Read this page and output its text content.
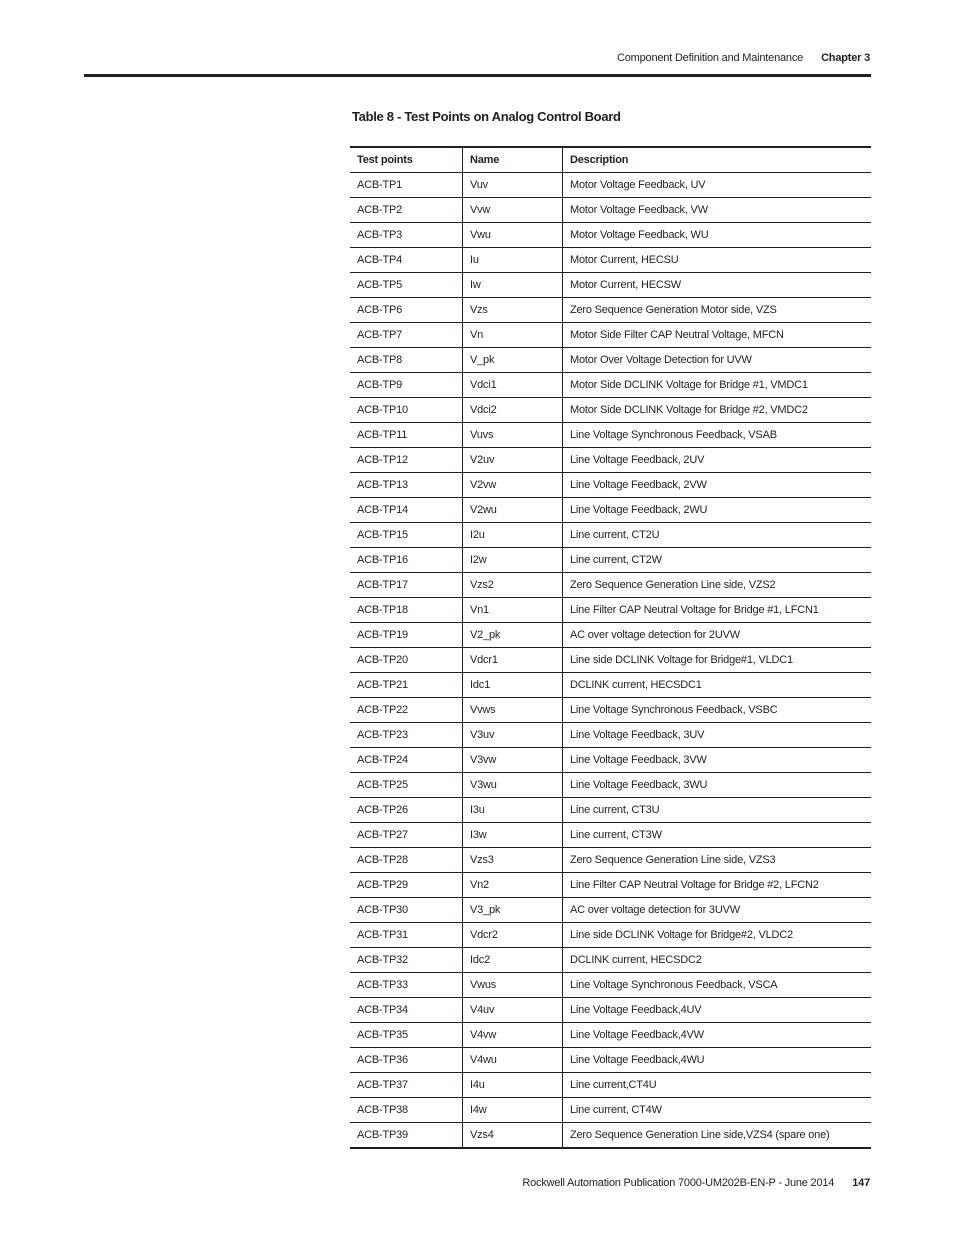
Component Definition and Maintenance Chapter 3
Table 8 - Test Points on Analog Control Board
Test points	Name	Description
ACB-TP1	Vuv	Motor Voltage Feedback, UV
ACB-TP2	Vvw	Motor Voltage Feedback, VW
ACB-TP3	Vwu	Motor Voltage Feedback, WU
ACB-TP4	Iu	Motor Current, HECSU
ACB-TP5	Iw	Motor Current, HECSW
ACB-TP6	Vzs	Zero Sequence Generation Motor side, VZS
ACB-TP7	Vn	Motor Side Filter CAP Neutral Voltage, MFCN
ACB-TP8	V_pk	Motor Over Voltage Detection for UVW
ACB-TP9	Vdci1	Motor Side DCLINK Voltage for Bridge #1, VMDC1
ACB-TP10	Vdci2	Motor Side DCLINK Voltage for Bridge #2, VMDC2
ACB-TP11	Vuvs	Line Voltage Synchronous Feedback, VSAB
ACB-TP12	V2uv	Line Voltage Feedback, 2UV
ACB-TP13	V2vw	Line Voltage Feedback, 2VW
ACB-TP14	V2wu	Line Voltage Feedback, 2WU
ACB-TP15	I2u	Line current, CT2U
ACB-TP16	I2w	Line current, CT2W
ACB-TP17	Vzs2	Zero Sequence Generation Line side, VZS2
ACB-TP18	Vn1	Line Filter CAP Neutral Voltage for Bridge #1, LFCN1
ACB-TP19	V2_pk	AC over voltage detection for 2UVW
ACB-TP20	Vdcr1	Line side DCLINK Voltage for Bridge#1, VLDC1
ACB-TP21	Idc1	DCLINK current, HECSDC1
ACB-TP22	Vvws	Line Voltage Synchronous Feedback, VSBC
ACB-TP23	V3uv	Line Voltage Feedback, 3UV
ACB-TP24	V3vw	Line Voltage Feedback, 3VW
ACB-TP25	V3wu	Line Voltage Feedback, 3WU
ACB-TP26	I3u	Line current, CT3U
ACB-TP27	I3w	Line current, CT3W
ACB-TP28	Vzs3	Zero Sequence Generation Line side, VZS3
ACB-TP29	Vn2	Line Filter CAP Neutral Voltage for Bridge #2, LFCN2
ACB-TP30	V3_pk	AC over voltage detection for 3UVW
ACB-TP31	Vdcr2	Line side DCLINK Voltage for Bridge#2, VLDC2
ACB-TP32	Idc2	DCLINK current, HECSDC2
ACB-TP33	Vwus	Line Voltage Synchronous Feedback, VSCA
ACB-TP34	V4uv	Line Voltage Feedback,4UV
ACB-TP35	V4vw	Line Voltage Feedback,4VW
ACB-TP36	V4wu	Line Voltage Feedback,4WU
ACB-TP37	I4u	Line current,CT4U
ACB-TP38	I4w	Line current, CT4W
ACB-TP39	Vzs4	Zero Sequence Generation Line side,VZS4 (spare one)
Rockwell Automation Publication 7000-UM202B-EN-P - June 2014 147
